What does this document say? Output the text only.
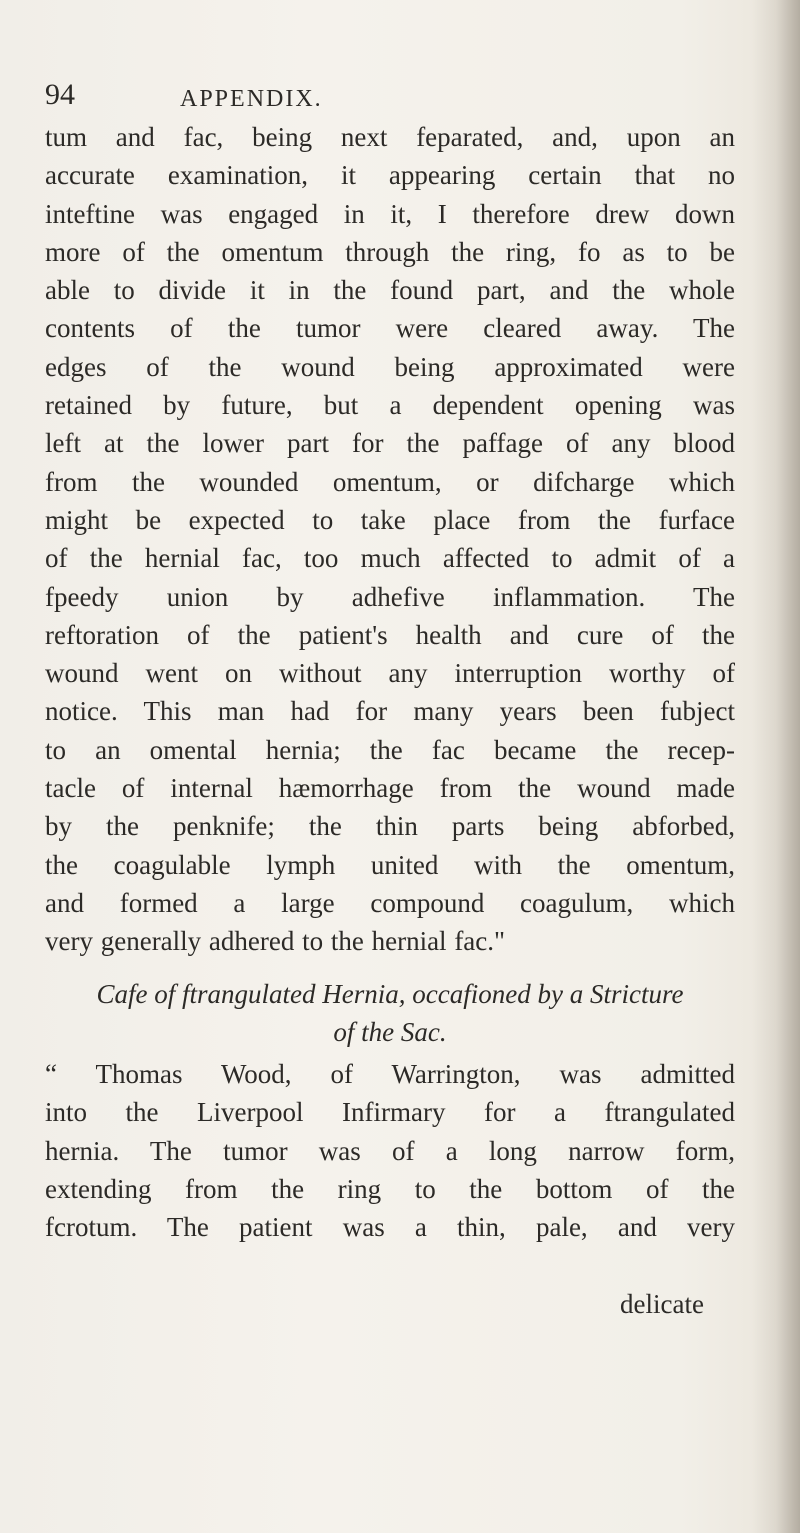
94	APPENDIX.
tum and fac, being next feparated, and, upon an
accurate examination, it appearing certain that no
inteftine was engaged in it, I therefore drew down
more of the omentum through the ring, fo as to be
able to divide it in the found part, and the whole
contents of the tumor were cleared away. The
edges of the wound being approximated were
retained by future, but a dependent opening was
left at the lower part for the paffage of any blood
from the wounded omentum, or difcharge which
might be expected to take place from the furface
of the hernial fac, too much affected to admit of a
fpeedy union by adhefive inflammation. The
reftoration of the patient's health and cure of the
wound went on without any interruption worthy of
notice. This man had for many years been fubject
to an omental hernia; the fac became the recep-
tacle of internal hæmorrhage from the wound made
by the penknife; the thin parts being abforbed,
the coagulable lymph united with the omentum,
and formed a large compound coagulum, which
very generally adhered to the hernial fac."
Cafe of ftrangulated Hernia, occafioned by a Stricture
of the Sac.
“ Thomas Wood, of Warrington, was admitted
into the Liverpool Infirmary for a ftrangulated
hernia. The tumor was of a long narrow form,
extending from the ring to the bottom of the
fcrotum. The patient was a thin, pale, and very
delicate
